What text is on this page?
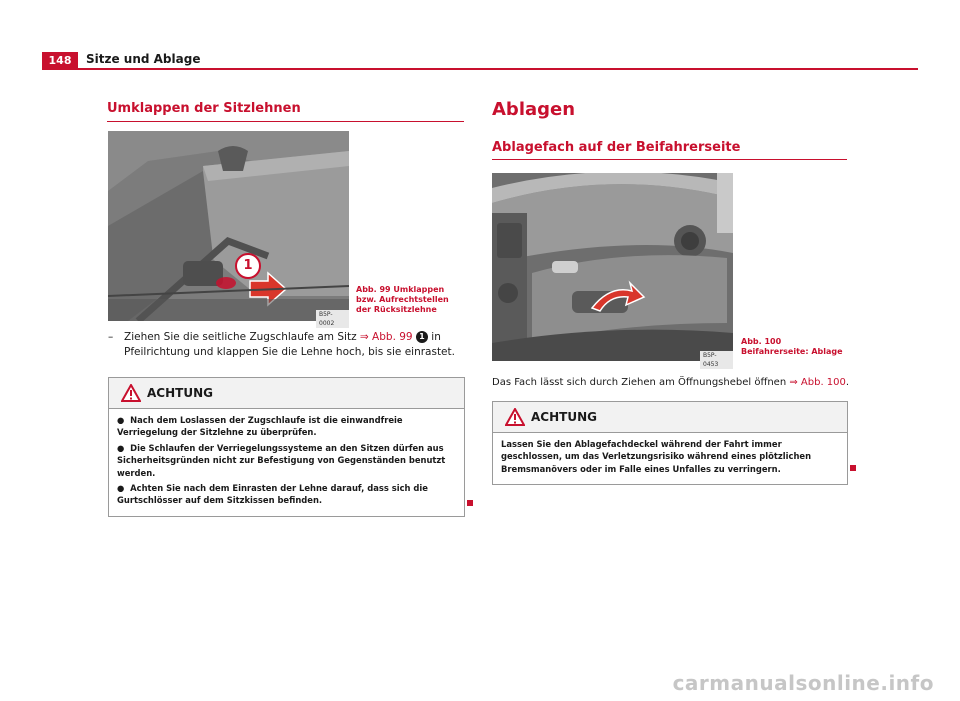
148	Sitze und Ablage
Umklappen der Sitzlehnen
1
B5P-0002
Abb. 99 Umklappen bzw. Aufrechtstellen der Rücksitzlehne
– Ziehen Sie die seitliche Zugschlaufe am Sitz ⇒ Abb. 99 1 in Pfeilrichtung und klappen Sie die Lehne hoch, bis sie einrastet.
ACHTUNG

●  Nach dem Loslassen der Zugschlaufe ist die einwandfreie Verriegelung der Sitzlehne zu überprüfen.

●  Die Schlaufen der Verriegelungssysteme an den Sitzen dürfen aus Sicherheitsgründen nicht zur Befestigung von Gegenständen benutzt werden.

●  Achten Sie nach dem Einrasten der Lehne darauf, dass sich die Gurtschlösser auf dem Sitzkissen befinden.

Ablagen
Ablagefach auf der Beifahrerseite
B5P-0453
Abb. 100 Beifahrerseite: Ablage
Das Fach lässt sich durch Ziehen am Öffnungshebel öffnen ⇒ Abb. 100.
ACHTUNG

Lassen Sie den Ablagefachdeckel während der Fahrt immer geschlossen, um das Verletzungsrisiko während eines plötzlichen Bremsmanövers oder im Falle eines Unfalles zu verringern.

carmanualsonline.info
